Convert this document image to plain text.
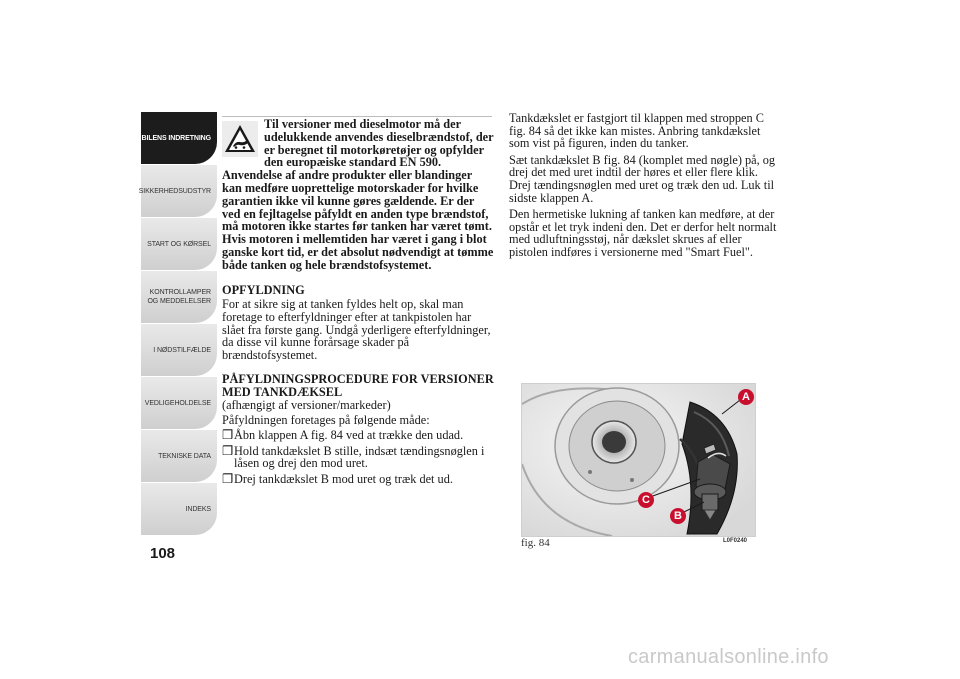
BILENS INDRETNING
SIKKERHEDSUDSTYR
START OG KØRSEL
KONTROLLAMPER OG MEDDELELSER
I NØDSTILFÆLDE
VEDLIGEHOLDELSE
TEKNISKE DATA
INDEKS
108
Til versioner med dieselmotor må der udelukkende anvendes dieselbrændstof, der er beregnet til motorkøretøjer og opfylder den europæiske standard EN 590. Anvendelse af andre produkter eller blandinger kan medføre uoprettelige motorskader for hvilke garantien ikke vil kunne gøres gældende. Er der ved en fejltagelse påfyldt en anden type brændstof, må motoren ikke startes før tanken har været tømt. Hvis motoren i mellemtiden har været i gang i blot ganske kort tid, er det absolut nødvendigt at tømme både tanken og hele brændstofsystemet.
OPFYLDNING

For at sikre sig at tanken fyldes helt op, skal man foretage to efterfyldninger efter at tankpistolen har slået fra første gang. Undgå yderligere efterfyldninger, da disse vil kunne forårsage skader på brændstofsystemet.

PÅFYLDNINGSPROCEDURE FOR VERSIONER MED TANKDÆKSEL

(afhængigt af versioner/markeder)

Påfyldningen foretages på følgende måde:

❒ Åbn klappen A fig. 84 ved at trække den udad.
❒ Hold tankdækslet B stille, indsæt tændingsnøglen i låsen og drej den mod uret.
❒ Drej tankdækslet B mod uret og træk det ud.

Tankdækslet er fastgjort til klappen med stroppen C fig. 84 så det ikke kan mistes. Anbring tankdækslet som vist på figuren, inden du tanker.

Sæt tankdækslet B fig. 84 (komplet med nøgle) på, og drej det med uret indtil der høres et eller flere klik. Drej tændingsnøglen med uret og træk den ud. Luk til sidste klappen A.

Den hermetiske lukning af tanken kan medføre, at der opstår et let tryk indeni den. Det er derfor helt normalt med udluftningsstøj, når dækslet skrues af eller pistolen indføres i versionerne med "Smart Fuel".

A
B
C
fig. 84	L0F0240
carmanualsonline.info
